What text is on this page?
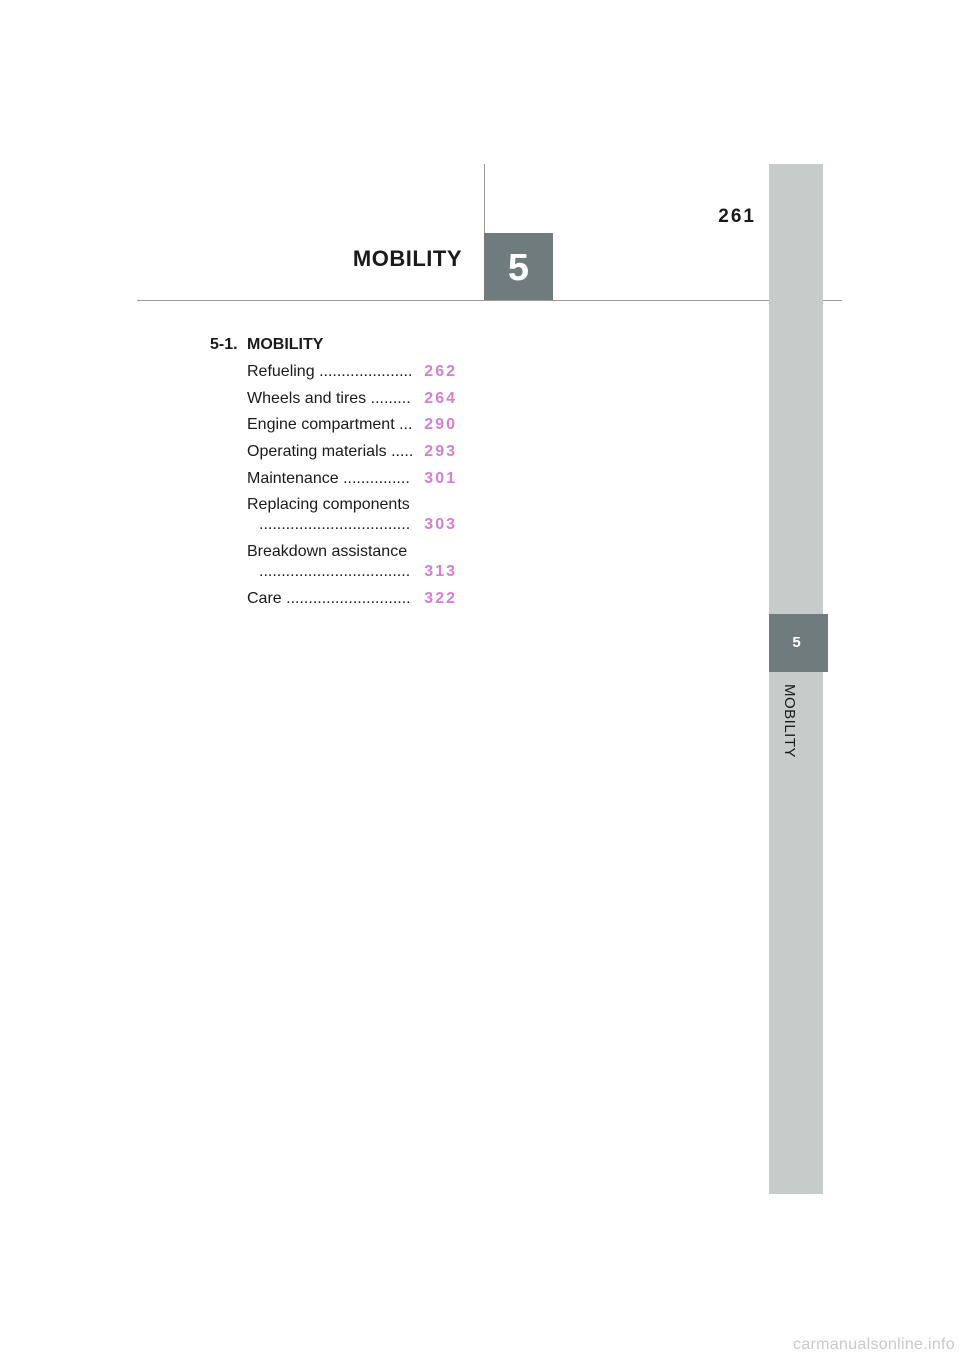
261
MOBILITY	5
5
MOBILITY
5-1. MOBILITY
Refueling ..................... 262
Wheels and tires ......... 264
Engine compartment ... 290
Operating materials ..... 293
Maintenance ............... 301
Replacing components
.................................. 303
Breakdown assistance
.................................. 313
Care ............................ 322
carmanualsonline.info
